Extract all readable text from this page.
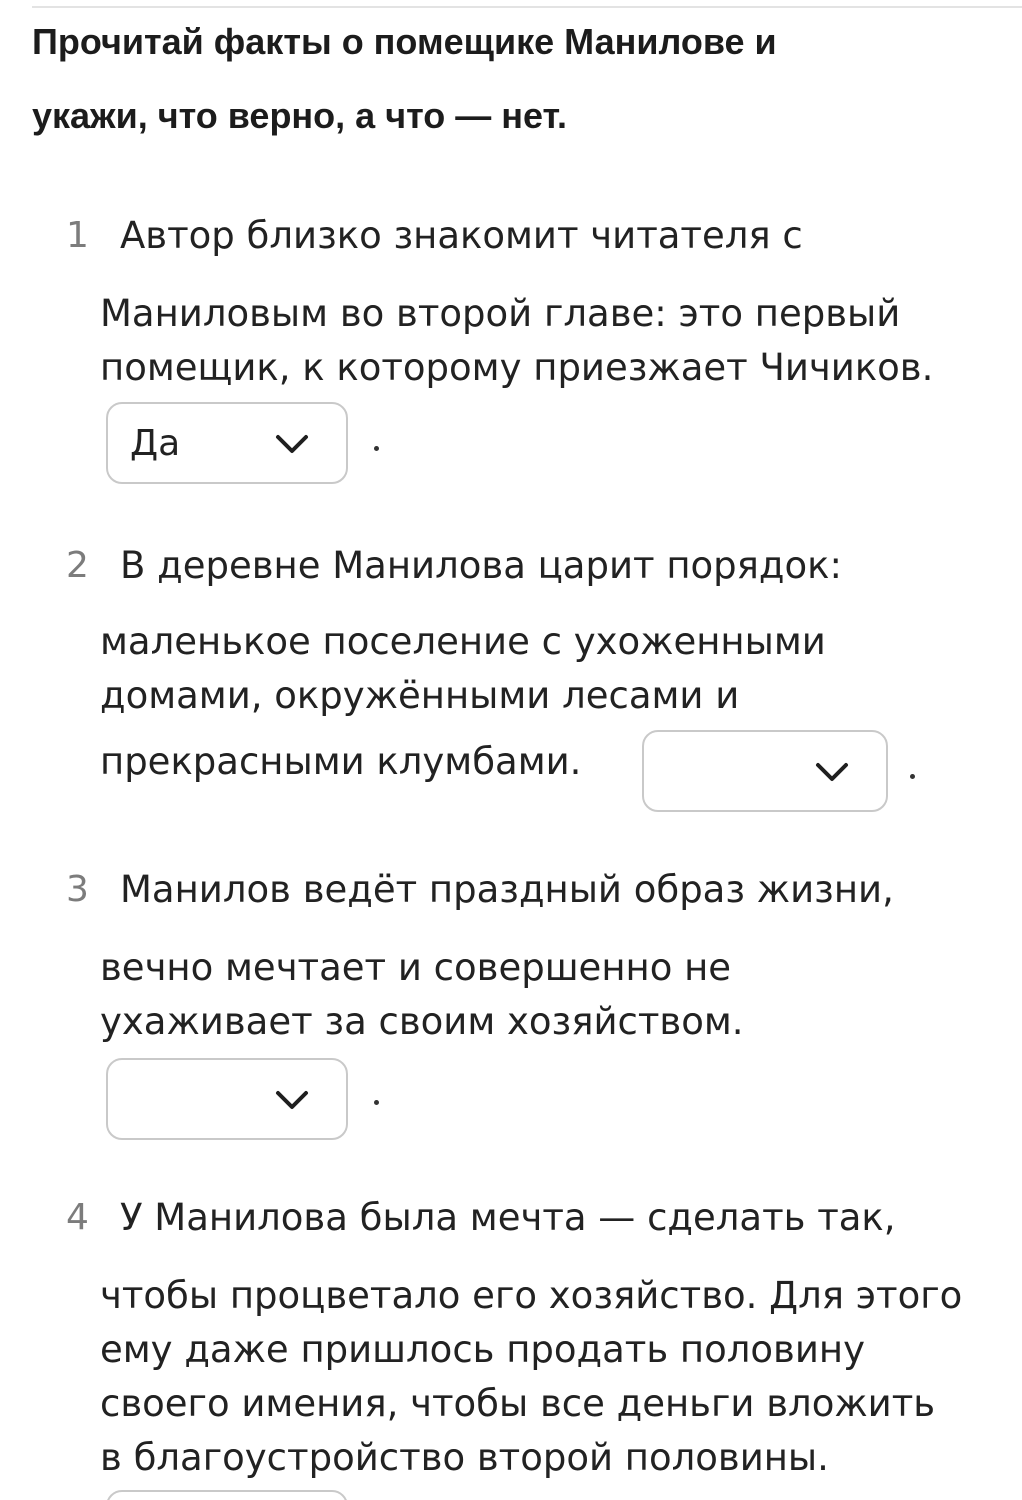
Прочитай факты о помещике Манилове и
укажи, что верно, а что — нет.
1 Автор близко знакомит читателя с
Маниловым во второй главе: это первый
помещик, к которому приезжает Чичиков.
Да
2 В деревне Манилова царит порядок:
маленькое поселение с ухоженными
домами, окружёнными лесами и
прекрасными клумбами.
3 Манилов ведёт праздный образ жизни,
вечно мечтает и совершенно не
ухаживает за своим хозяйством.
4 У Манилова была мечта — сделать так,
чтобы процветало его хозяйство. Для этого
ему даже пришлось продать половину
своего имения, чтобы все деньги вложить
в благоустройство второй половины.
